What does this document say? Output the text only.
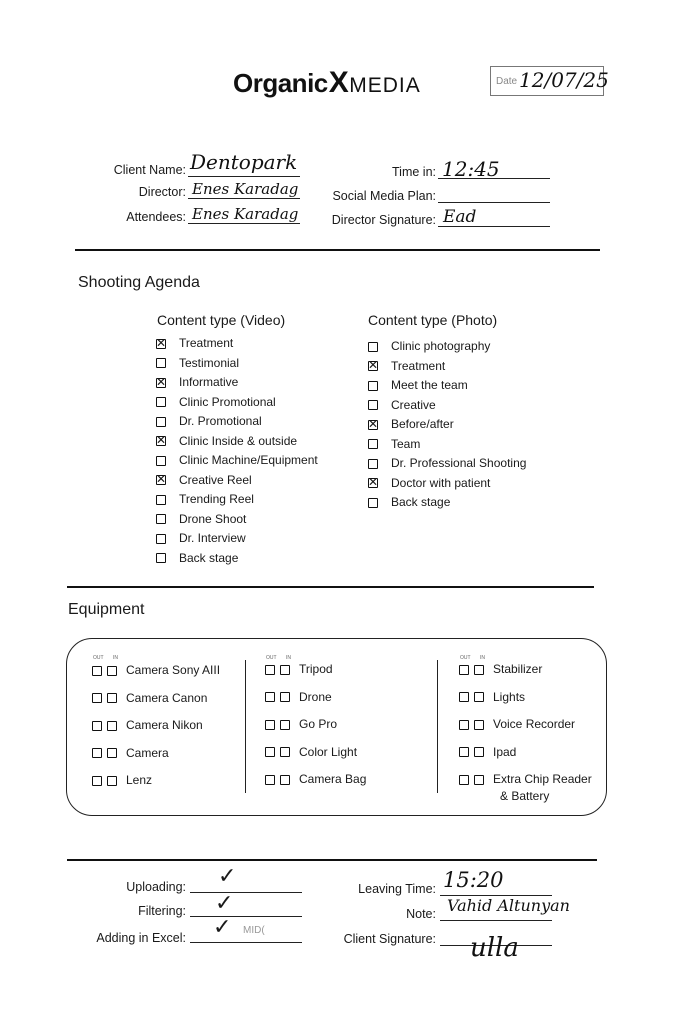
OrganicXMEDIA	Date 12/07/25
Client Name: Dentopark
Director: Enes Karadag
Attendees: Enes Karadag
Time in: 12:45
Social Media Plan:
Director Signature: Ead
Shooting Agenda
Content type (Video)	Content type (Photo)
✕Treatment
Testimonial
✕Informative
Clinic Promotional
Dr. Promotional
✕Clinic Inside & outside
Clinic Machine/Equipment
✕Creative Reel
Trending Reel
Drone Shoot
Dr. Interview
Back stage
Clinic photography
✕Treatment
Meet the team
Creative
✕Before/after
Team
Dr. Professional Shooting
✕Doctor with patient
Back stage
Equipment
OUT IN	OUT IN	OUT IN
Camera Sony AIII
Camera Canon
Camera Nikon
Camera
Lenz
Tripod
Drone
Go Pro
Color Light
Camera Bag
Stabilizer
Lights
Voice Recorder
Ipad
Extra Chip Reader
& Battery
Uploading: ✓
Filtering: ✓
Adding in Excel: ✓ MID(
Leaving Time: 15:20
Note: Vahid Altunyan
Client Signature: ulla
